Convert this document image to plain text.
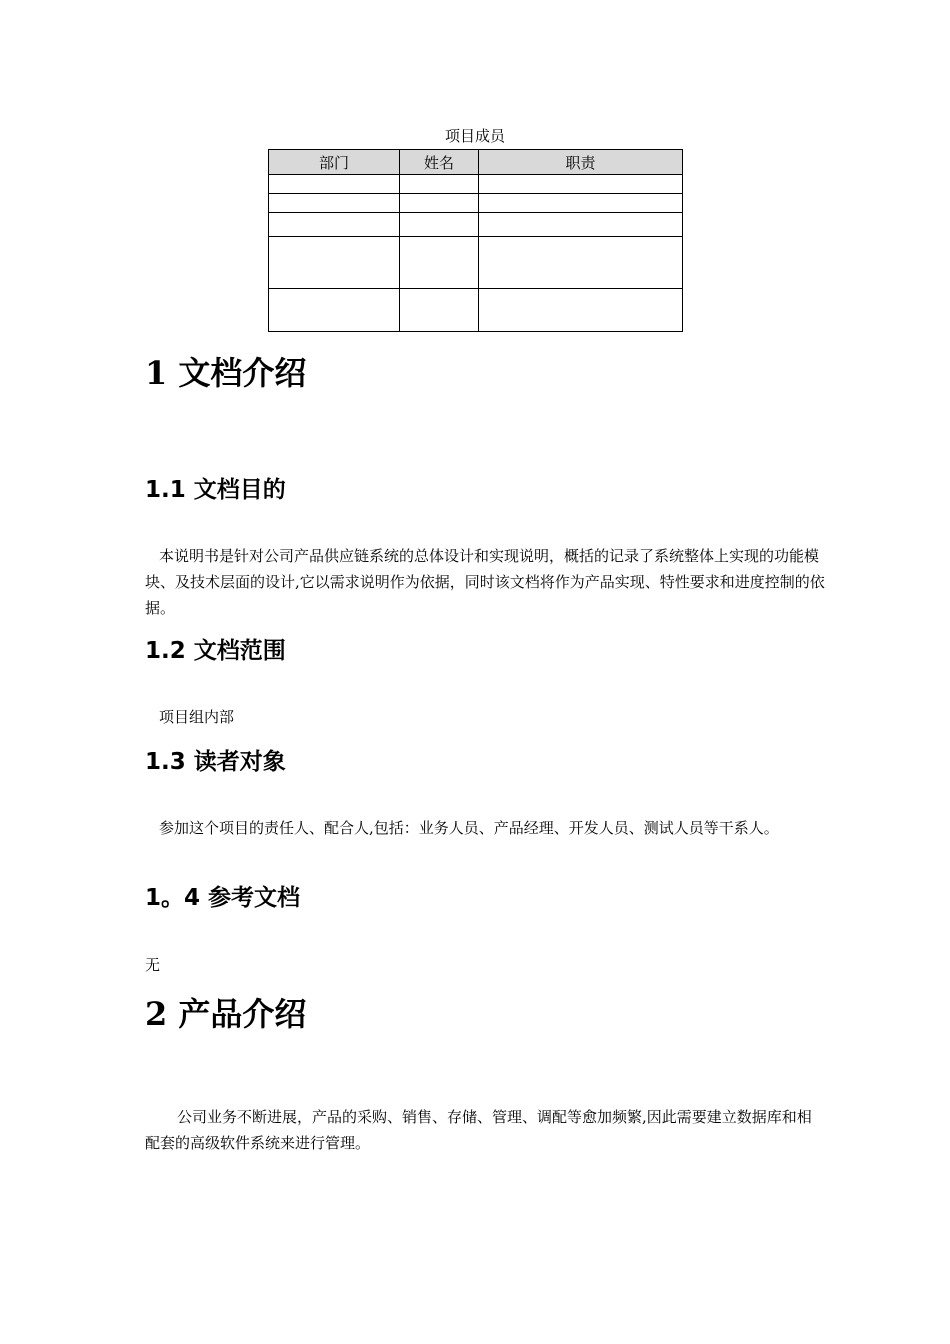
项目成员
部门	姓名	职责

1 文档介绍
1.1 文档目的

本说明书是针对公司产品供应链系统的总体设计和实现说明，概括的记录了系统整体上实现的功能模块、及技术层面的设计,它以需求说明作为依据，同时该文档将作为产品实现、特性要求和进度控制的依据。

1.2 文档范围

项目组内部

1.3 读者对象

参加这个项目的责任人、配合人,包括：业务人员、产品经理、开发人员、测试人员等干系人。

1。4 参考文档

无

2 产品介绍

公司业务不断进展，产品的采购、销售、存储、管理、调配等愈加频繁,因此需要建立数据库和相配套的高级软件系统来进行管理。
